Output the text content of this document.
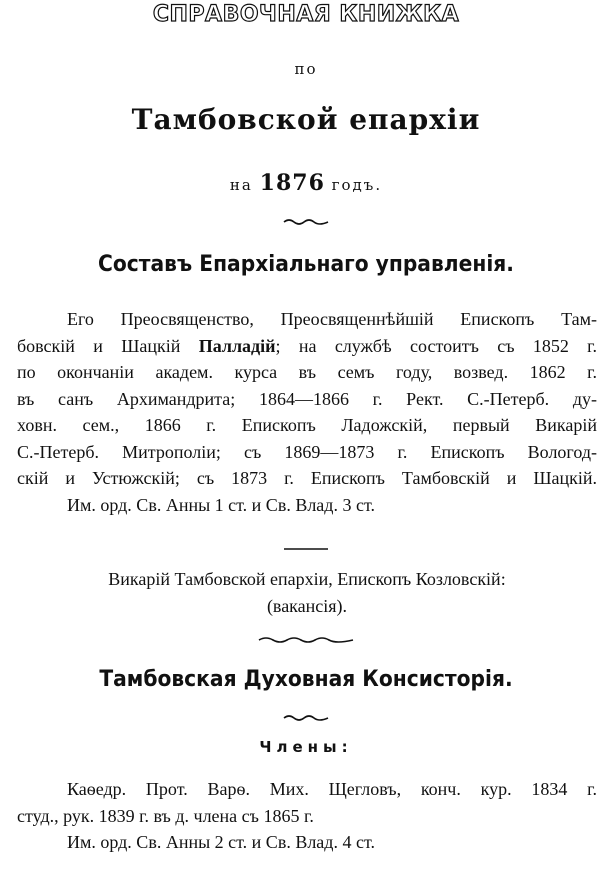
СПРАВОЧНАЯ КНИЖКА
по
Тамбовской епархіи
на 1876 годъ.
Составъ Епархіальнаго управленія.
Его Преосвященство, Преосвященнѣйшій Епископъ Там-
бовскій и Шацкій Палладій; на службѣ состоитъ съ 1852 г.
по окончаніи академ. курса въ семъ году, возвед. 1862 г.
въ санъ Архимандрита; 1864—1866 г. Рект. С.-Петерб. ду-
ховн. сем., 1866 г. Епископъ Ладожскій, первый Викарій
С.-Петерб. Митрополіи; съ 1869—1873 г. Епископъ Вологод-
скій и Устюжскій; съ 1873 г. Епископъ Тамбовскій и Шацкій.
Им. орд. Св. Анны 1 ст. и Св. Влад. 3 ст.
Викарій Тамбовской епархіи, Епископъ Козловскій:
(вакансія).
Тамбовская Духовная Консисторія.
Члены:
Каѳедр. Прот. Варѳ. Мих. Щегловъ, конч. кур. 1834 г.
студ., рук. 1839 г. въ д. члена съ 1865 г.
Им. орд. Св. Анны 2 ст. и Св. Влад. 4 ст.
